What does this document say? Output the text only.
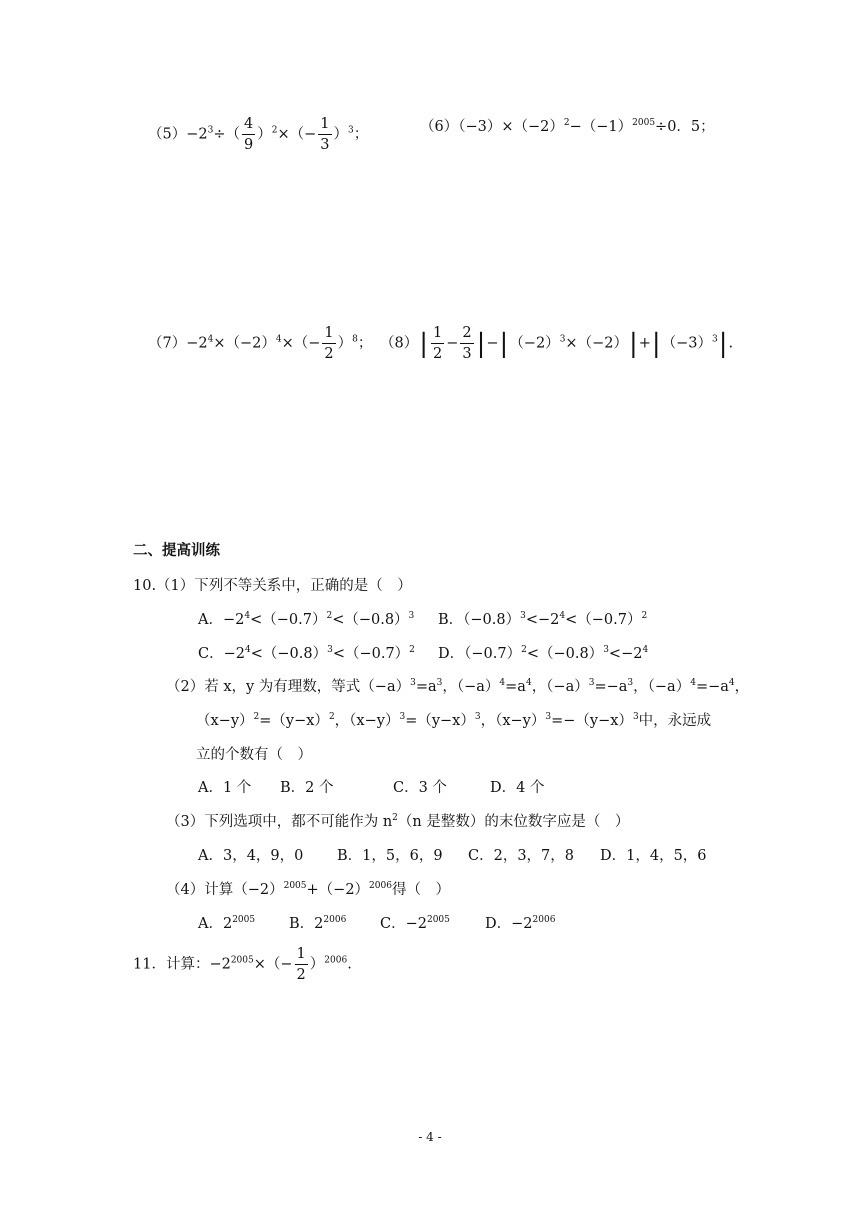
$(5)-2^3\div( \frac{4}{9} )^2\times(- \frac{1}{3} )^3$；	$(6)(-3)\times(-2)^2-(-1)^{2005}\div 0$．5；
$(7)-2^4\times(-2)^4\times(- \frac{1}{2} )^8$； $(8)| \frac{1}{2} - \frac{2}{3} |-|(-2)^3\times(-2)|+|(-3)^3|$.
二、提高训练
10.（1）下列不等关系中，正确的是（　）
A．$-2^4<(-0.7)^2<(-0.8)^3$ B．$(-0.8)^3<-2^4<(-0.7)^2$
C．$-2^4<(-0.8)^3<(-0.7)^2$ D．$(-0.7)^2<(-0.8)^3<-2^4$
（2）若 x，y 为有理数，等式$(-a)^3=a^3$，$(-a)^4=a^4$，$(-a)^3=-a^3$，$(-a)^4=-a^4$，
$(x-y)^2=(y-x)^2$，$(x-y)^3=(y-x)^3$，$(x-y)^3=-(y-x)^3$中，永远成
立的个数有（　）
A．1 个 B．2 个	C．3 个	D．4 个
（3）下列选项中，都不可能作为 $n^2(n$ 是整数）的末位数字应是（　）
A．3，4，9，0 B．1，5，6，9 C．2，3，7，8 D．1，4，5，6
（4）计算$(-2)^{2005}+(-2)^{2006}$得（　）
A．$2^{2005}$ B．$2^{2006}$ C．$-2^{2005}$ D．$-2^{2006}$
11．计算：$-2^{2005}\times(- \frac{1}{2} )^{2006}$.
- 4 -
